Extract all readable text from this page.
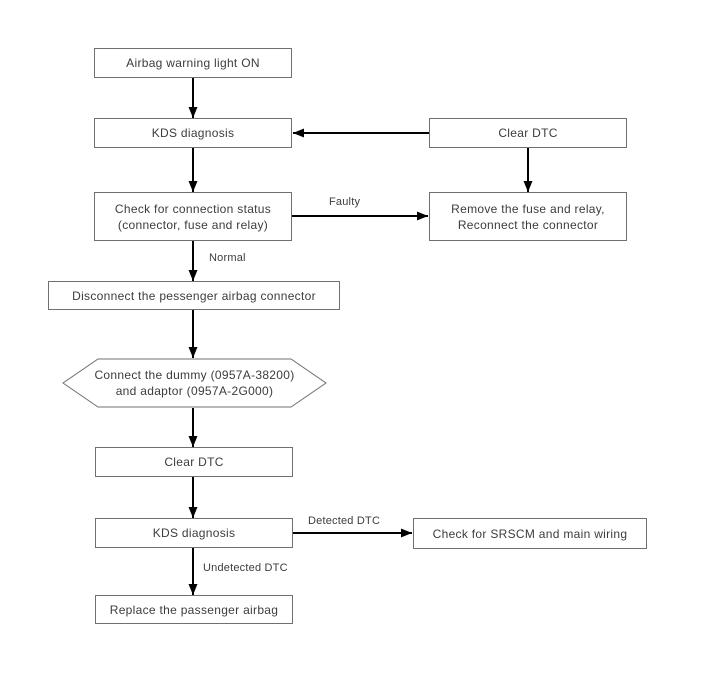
Airbag warning light ON
KDS diagnosis	Clear DTC
Check for connection status
(connector, fuse and relay)
Remove the fuse and relay,
Reconnect the connector
Disconnect the pessenger airbag connector
Connect the dummy (0957A-38200)
and adaptor (0957A-2G000)
Clear DTC
KDS diagnosis	Check for SRSCM and main wiring
Replace the passenger airbag
Faulty
Normal
Detected DTC
Undetected DTC
